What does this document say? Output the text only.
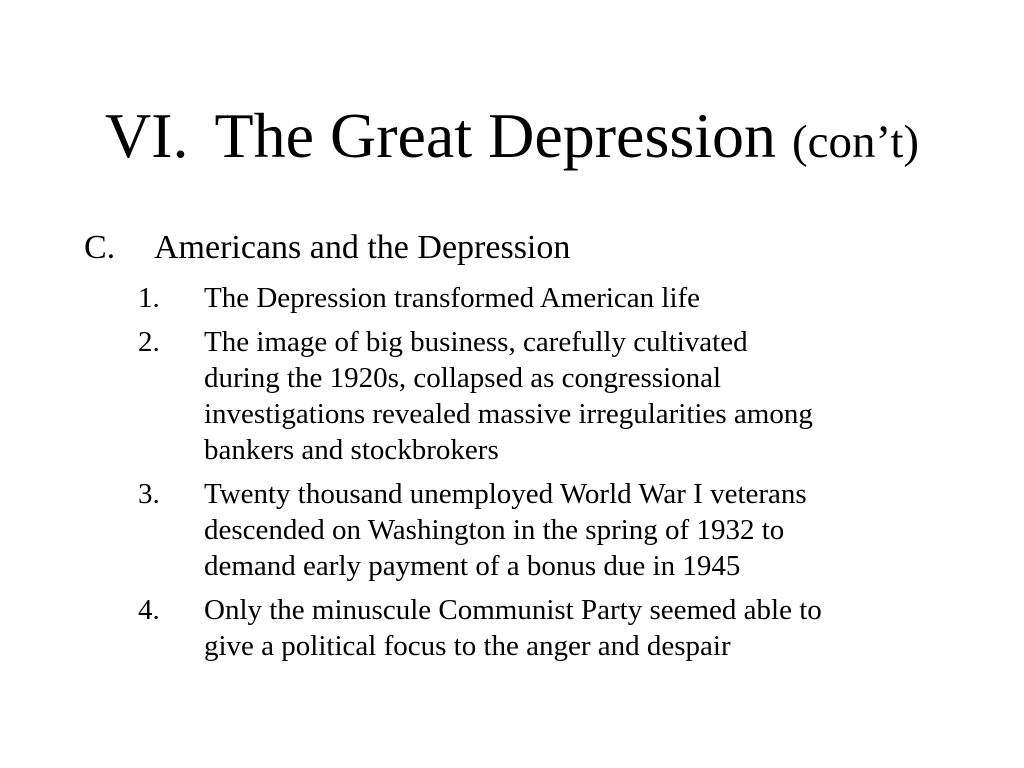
VI. The Great Depression (con’t)
C. Americans and the Depression
1.	The Depression transformed American life
2.	The image of big business, carefully cultivated
during the 1920s, collapsed as congressional
investigations revealed massive irregularities among
bankers and stockbrokers
3.	Twenty thousand unemployed World War I veterans
descended on Washington in the spring of 1932 to
demand early payment of a bonus due in 1945
4.	Only the minuscule Communist Party seemed able to
give a political focus to the anger and despair
